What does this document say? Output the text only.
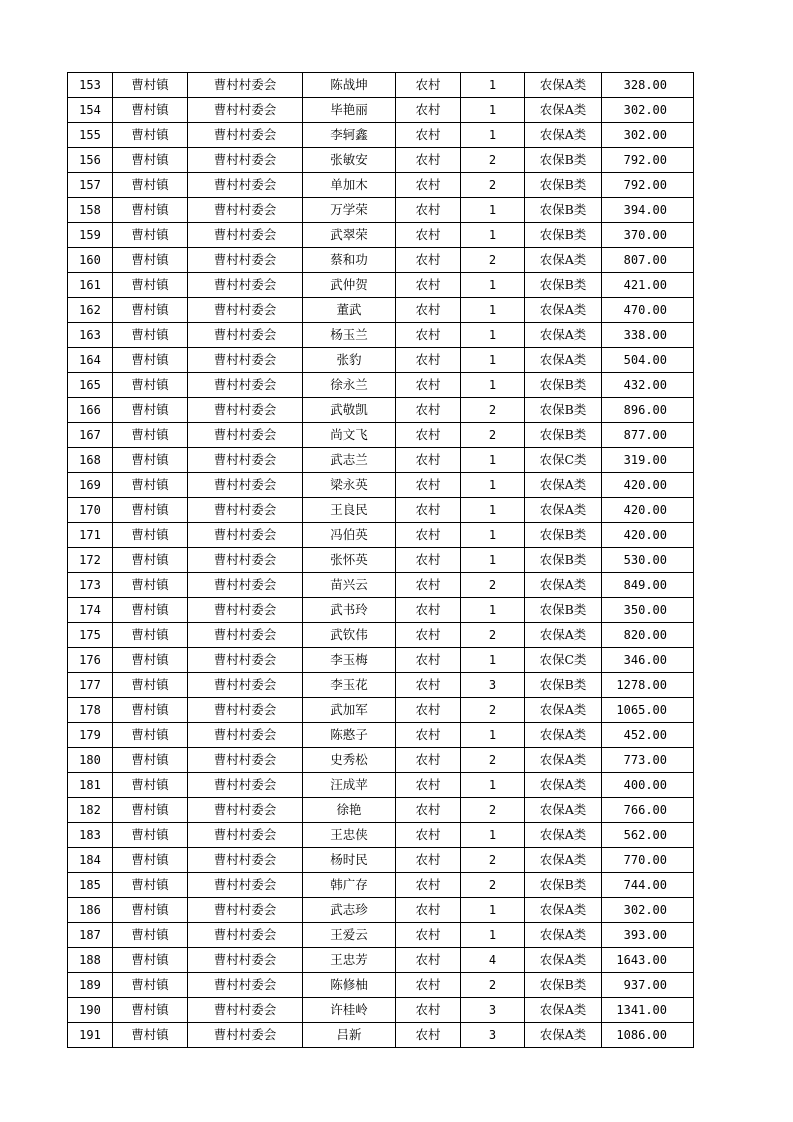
153	曹村镇	曹村村委会	陈战坤	农村	1	农保A类	328.00
154	曹村镇	曹村村委会	毕艳丽	农村	1	农保A类	302.00
155	曹村镇	曹村村委会	李轲鑫	农村	1	农保A类	302.00
156	曹村镇	曹村村委会	张敏安	农村	2	农保B类	792.00
157	曹村镇	曹村村委会	单加木	农村	2	农保B类	792.00
158	曹村镇	曹村村委会	万学荣	农村	1	农保B类	394.00
159	曹村镇	曹村村委会	武翠荣	农村	1	农保B类	370.00
160	曹村镇	曹村村委会	蔡和功	农村	2	农保A类	807.00
161	曹村镇	曹村村委会	武仲贺	农村	1	农保B类	421.00
162	曹村镇	曹村村委会	董武	农村	1	农保A类	470.00
163	曹村镇	曹村村委会	杨玉兰	农村	1	农保A类	338.00
164	曹村镇	曹村村委会	张豹	农村	1	农保A类	504.00
165	曹村镇	曹村村委会	徐永兰	农村	1	农保B类	432.00
166	曹村镇	曹村村委会	武敬凯	农村	2	农保B类	896.00
167	曹村镇	曹村村委会	尚文飞	农村	2	农保B类	877.00
168	曹村镇	曹村村委会	武志兰	农村	1	农保C类	319.00
169	曹村镇	曹村村委会	梁永英	农村	1	农保A类	420.00
170	曹村镇	曹村村委会	王良民	农村	1	农保A类	420.00
171	曹村镇	曹村村委会	冯伯英	农村	1	农保B类	420.00
172	曹村镇	曹村村委会	张怀英	农村	1	农保B类	530.00
173	曹村镇	曹村村委会	苗兴云	农村	2	农保A类	849.00
174	曹村镇	曹村村委会	武书玲	农村	1	农保B类	350.00
175	曹村镇	曹村村委会	武钦伟	农村	2	农保A类	820.00
176	曹村镇	曹村村委会	李玉梅	农村	1	农保C类	346.00
177	曹村镇	曹村村委会	李玉花	农村	3	农保B类	1278.00
178	曹村镇	曹村村委会	武加军	农村	2	农保A类	1065.00
179	曹村镇	曹村村委会	陈憨子	农村	1	农保A类	452.00
180	曹村镇	曹村村委会	史秀松	农村	2	农保A类	773.00
181	曹村镇	曹村村委会	汪成苹	农村	1	农保A类	400.00
182	曹村镇	曹村村委会	徐艳	农村	2	农保A类	766.00
183	曹村镇	曹村村委会	王忠侠	农村	1	农保A类	562.00
184	曹村镇	曹村村委会	杨时民	农村	2	农保A类	770.00
185	曹村镇	曹村村委会	韩广存	农村	2	农保B类	744.00
186	曹村镇	曹村村委会	武志珍	农村	1	农保A类	302.00
187	曹村镇	曹村村委会	王爱云	农村	1	农保A类	393.00
188	曹村镇	曹村村委会	王忠芳	农村	4	农保A类	1643.00
189	曹村镇	曹村村委会	陈修柚	农村	2	农保B类	937.00
190	曹村镇	曹村村委会	许桂岭	农村	3	农保A类	1341.00
191	曹村镇	曹村村委会	吕新	农村	3	农保A类	1086.00
